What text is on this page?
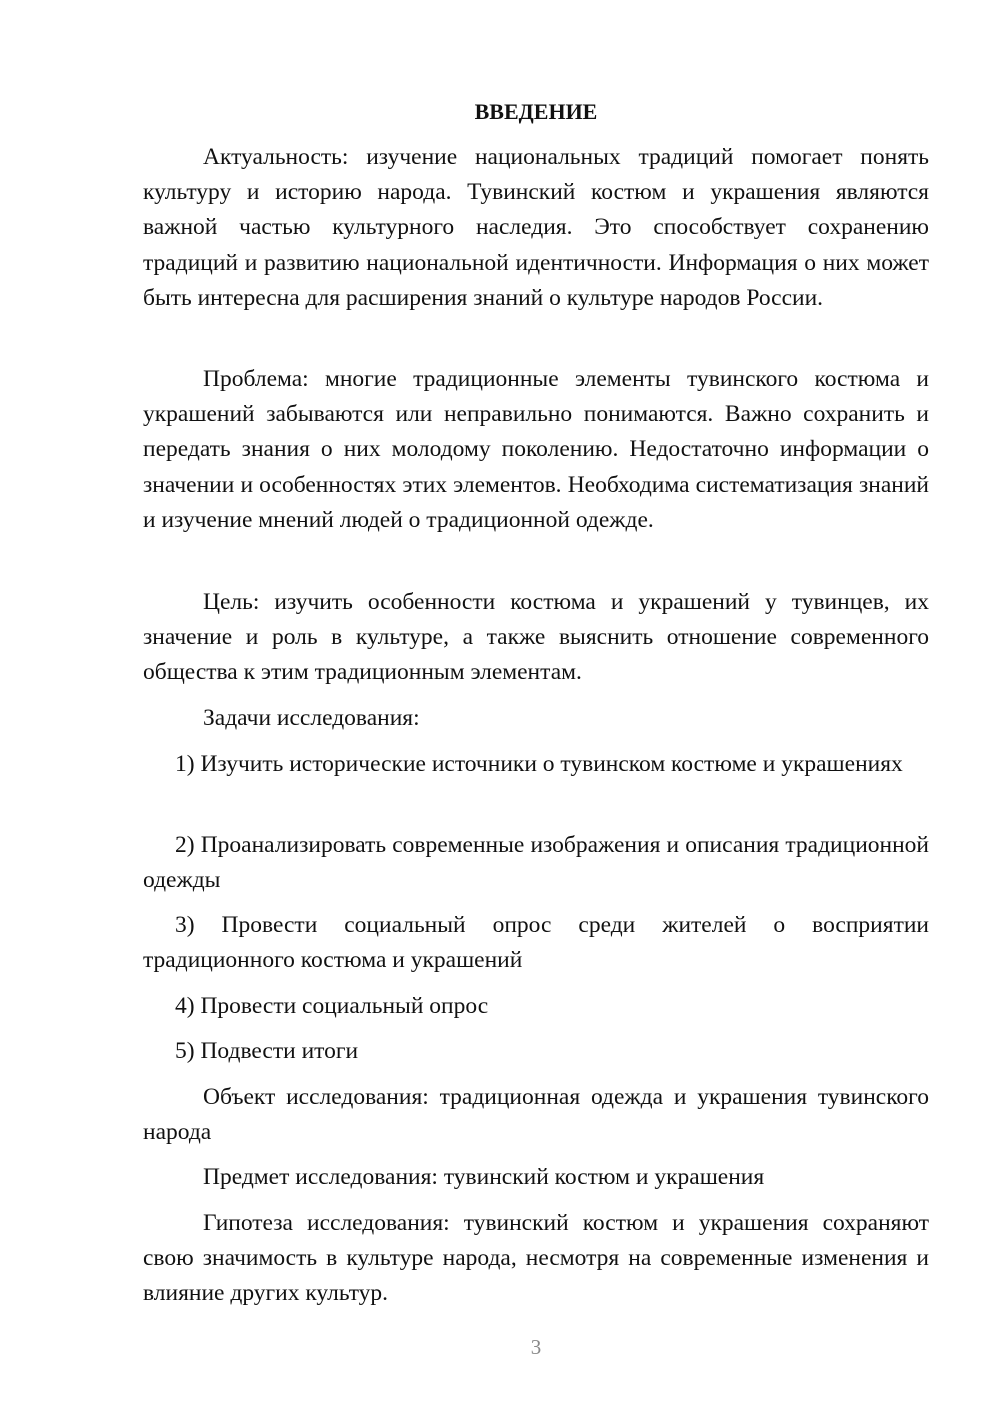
ВВЕДЕНИЕ

Актуальность: изучение национальных традиций помогает понять культуру и историю народа. Тувинский костюм и украшения являются важной частью культурного наследия. Это способствует сохранению традиций и развитию национальной идентичности. Информация о них может быть интересна для расширения знаний о культуре народов России.

Проблема: многие традиционные элементы тувинского костюма и украшений забываются или неправильно понимаются. Важно сохранить и передать знания о них молодому поколению. Недостаточно информации о значении и особенностях этих элементов. Необходима систематизация знаний и изучение мнений людей о традиционной одежде.

Цель: изучить особенности костюма и украшений у тувинцев, их значение и роль в культуре, а также выяснить отношение современного общества к этим традиционным элементам.

Задачи исследования:

1) Изучить исторические источники о тувинском костюме и украшениях

2) Проанализировать современные изображения и описания традиционной одежды

3) Провести социальный опрос среди жителей о восприятии традиционного костюма и украшений

4) Провести социальный опрос

5) Подвести итоги

Объект исследования: традиционная одежда и украшения тувинского народа

Предмет исследования: тувинский костюм и украшения

Гипотеза исследования: тувинский костюм и украшения сохраняют свою значимость в культуре народа, несмотря на современные изменения и влияние других культур.

3
